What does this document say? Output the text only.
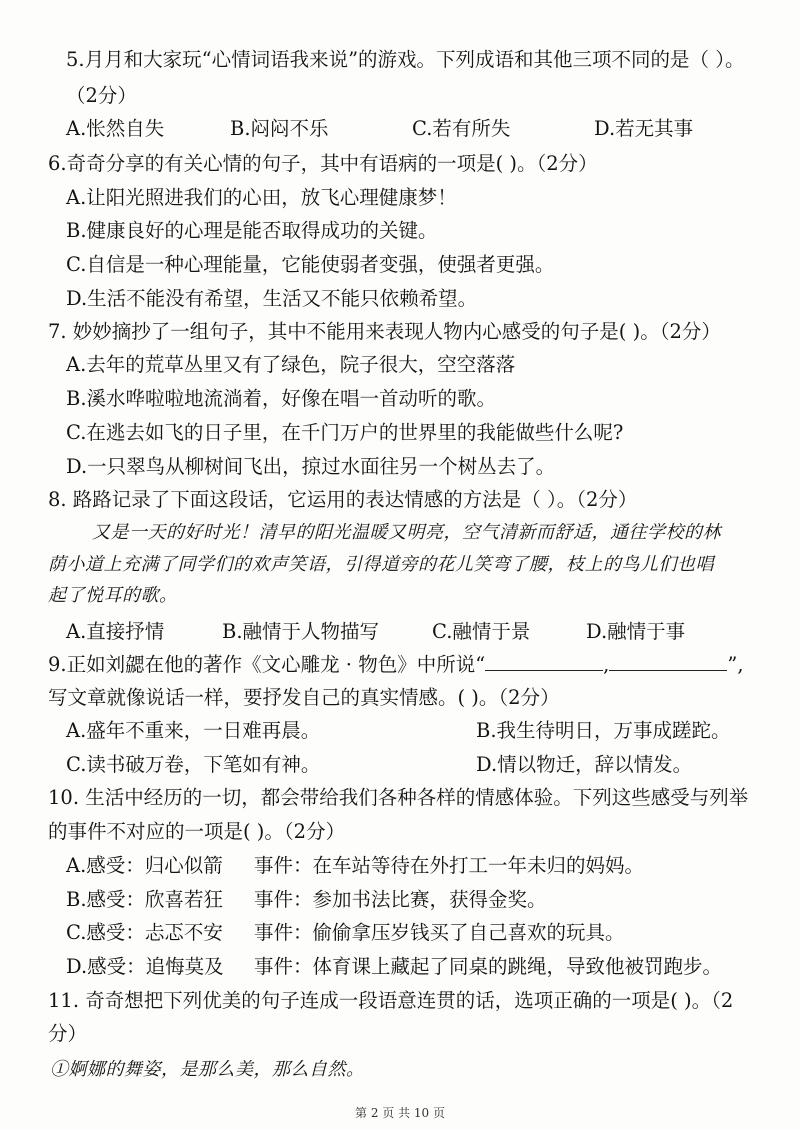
5.月月和大家玩“心情词语我来说”的游戏。下列成语和其他三项不同的是（ ）。
（2分）
A.怅然自失	B.闷闷不乐	C.若有所失	D.若无其事
6.奇奇分享的有关心情的句子，其中有语病的一项是( )。（2分）
A.让阳光照进我们的心田，放飞心理健康梦！
B.健康良好的心理是能否取得成功的关键。
C.自信是一种心理能量，它能使弱者变强，使强者更强。
D.生活不能没有希望，生活又不能只依赖希望。
7. 妙妙摘抄了一组句子，其中不能用来表现人物内心感受的句子是( )。（2分）
A.去年的荒草丛里又有了绿色，院子很大，空空落落
B.溪水哗啦啦地流淌着，好像在唱一首动听的歌。
C.在逃去如飞的日子里，在千门万户的世界里的我能做些什么呢?
D.一只翠鸟从柳树间飞出，掠过水面往另一个树丛去了。
8. 路路记录了下面这段话，它运用的表达情感的方法是（ ）。（2分）
又是一天的好时光！清早的阳光温暖又明亮，空气清新而舒适，通往学校的林
荫小道上充满了同学们的欢声笑语，引得道旁的花儿笑弯了腰，枝上的鸟儿们也唱
起了悦耳的歌。
A.直接抒情	B.融情于人物描写	C.融情于景	D.融情于事
9.正如刘勰在他的著作《文心雕龙 · 物色》中所说“	,	”,
写文章就像说话一样，要抒发自己的真实情感。( )。（2分）
A.盛年不重来，一日难再晨。	B.我生待明日，万事成蹉跎。
C.读书破万卷，下笔如有神。	D.情以物迁，辞以情发。
10. 生活中经历的一切，都会带给我们各种各样的情感体验。下列这些感受与列举
的事件不对应的一项是( )。（2分）
A.感受：归心似箭 事件：在车站等待在外打工一年未归的妈妈。
B.感受：欣喜若狂 事件：参加书法比赛，获得金奖。
C.感受：忐忑不安 事件：偷偷拿压岁钱买了自己喜欢的玩具。
D.感受：追悔莫及 事件：体育课上藏起了同桌的跳绳，导致他被罚跑步。
11. 奇奇想把下列优美的句子连成一段语意连贯的话，选项正确的一项是( )。（2
分）
①婀娜的舞姿，是那么美，那么自然。
第 2 页 共 10 页
